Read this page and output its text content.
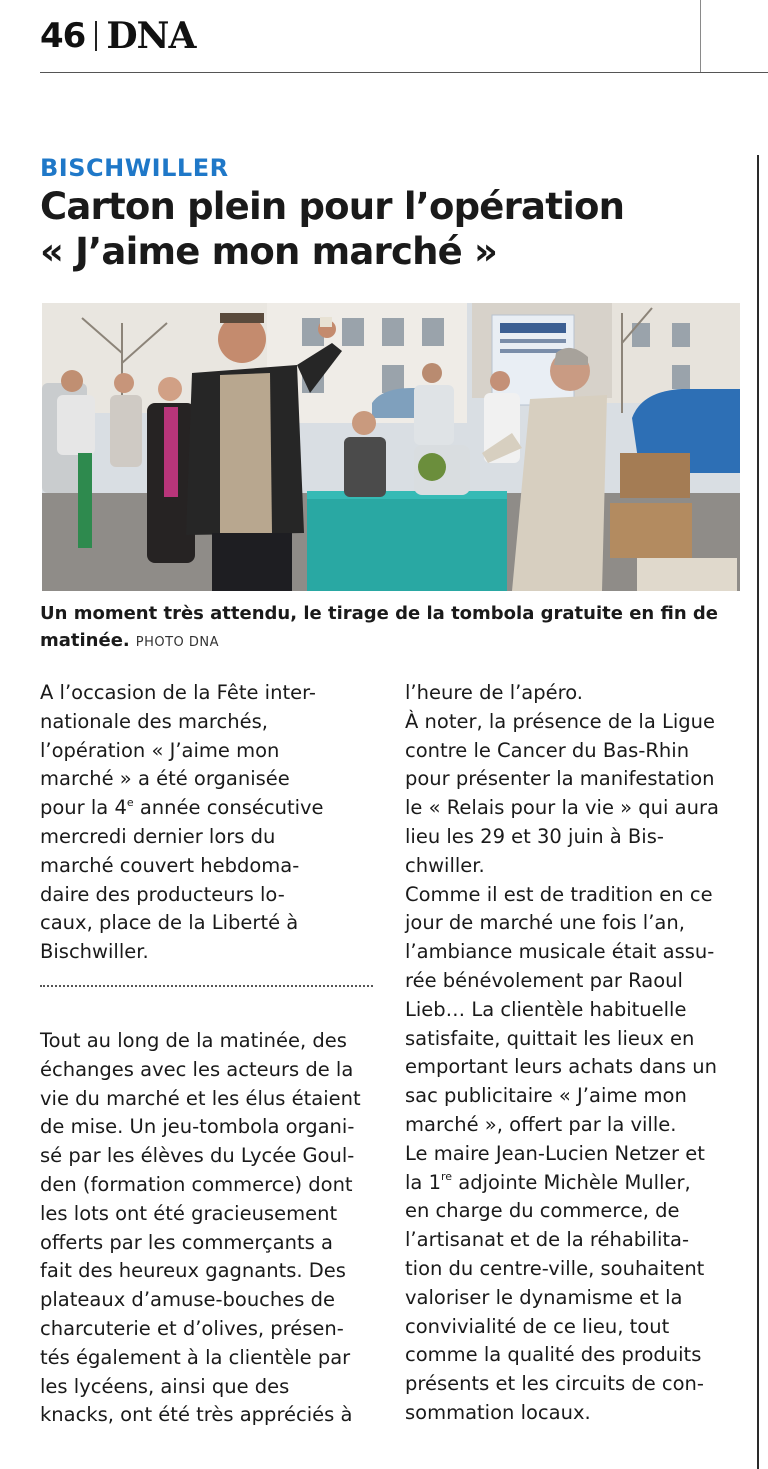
46 DNA
BISCHWILLER
Carton plein pour l’opération
« J’aime mon marché »
Un moment très attendu, le tirage de la tombola gratuite en fin de matinée. PHOTO DNA
A l’occasion de la Fête inter-
nationale des marchés,
l’opération « J’aime mon
marché » a été organisée
pour la 4e année consécutive
mercredi dernier lors du
marché couvert hebdoma-
daire des producteurs lo-
caux, place de la Liberté à
Bischwiller.
Tout au long de la matinée, des
échanges avec les acteurs de la
vie du marché et les élus étaient
de mise. Un jeu-tombola organi-
sé par les élèves du Lycée Goul-
den (formation commerce) dont
les lots ont été gracieusement
offerts par les commerçants a
fait des heureux gagnants. Des
plateaux d’amuse-bouches de
charcuterie et d’olives, présen-
tés également à la clientèle par
les lycéens, ainsi que des
knacks, ont été très appréciés à
l’heure de l’apéro.
À noter, la présence de la Ligue
contre le Cancer du Bas-Rhin
pour présenter la manifestation
le « Relais pour la vie » qui aura
lieu les 29 et 30 juin à Bis-
chwiller.
Comme il est de tradition en ce
jour de marché une fois l’an,
l’ambiance musicale était assu-
rée bénévolement par Raoul
Lieb… La clientèle habituelle
satisfaite, quittait les lieux en
emportant leurs achats dans un
sac publicitaire « J’aime mon
marché », offert par la ville.
Le maire Jean-Lucien Netzer et
la 1re adjointe Michèle Muller,
en charge du commerce, de
l’artisanat et de la réhabilita-
tion du centre-ville, souhaitent
valoriser le dynamisme et la
convivialité de ce lieu, tout
comme la qualité des produits
présents et les circuits de con-
sommation locaux.
